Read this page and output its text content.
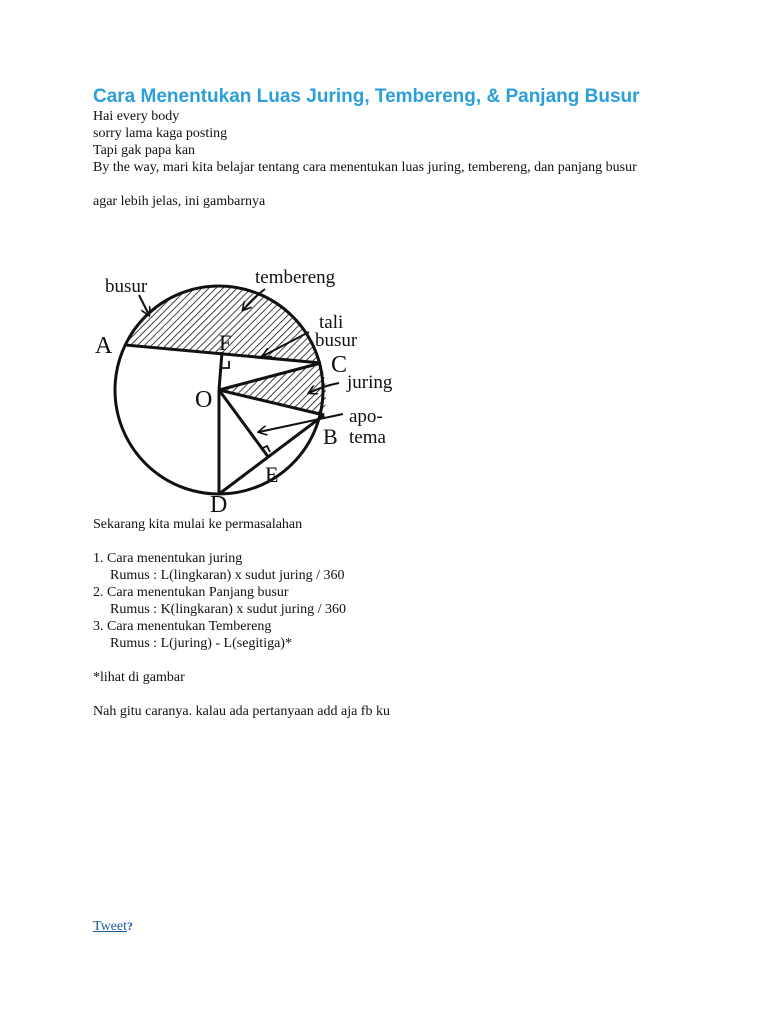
Cara Menentukan Luas Juring, Tembereng, & Panjang Busur

Hai every body

sorry lama kaga posting

Tapi gak papa kan

By the way, mari kita belajar tentang cara menentukan luas juring, tembereng, dan panjang busur

agar lebih jelas, ini gambarnya

busur	tembereng
tali
busur
juring
apo-
tema
A	F
C
O
B
E
D

Sekarang kita mulai ke permasalahan

1. Cara menentukan juring

Rumus : L(lingkaran) x sudut juring / 360

2. Cara menentukan Panjang busur

Rumus : K(lingkaran) x sudut juring / 360

3. Cara menentukan Tembereng

Rumus : L(juring) - L(segitiga)*

*lihat di gambar

Nah gitu caranya. kalau ada pertanyaan add aja fb ku

Tweet?
